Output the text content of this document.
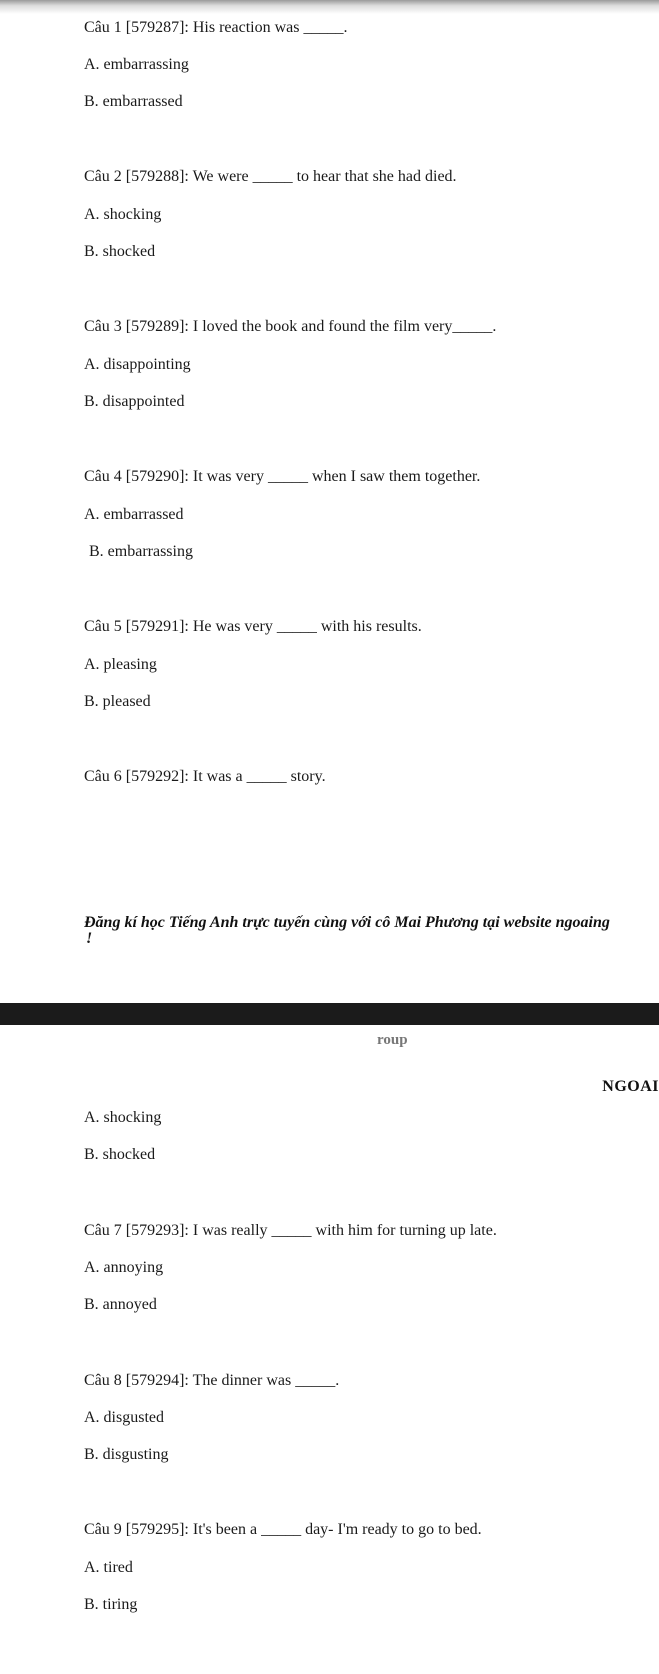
Câu 1 [579287]: His reaction was _____.
A. embarrassing
B. embarrassed
Câu 2 [579288]: We were _____ to hear that she had died.
A. shocking
B. shocked
Câu 3 [579289]: I loved the book and found the film very_____.
A. disappointing
B. disappointed
Câu 4 [579290]: It was very _____ when I saw them together.
A. embarrassed
B. embarrassing
Câu 5 [579291]: He was very _____ with his results.
A. pleasing
B. pleased
Câu 6 [579292]: It was a _____ story.
Đăng kí học Tiếng Anh trực tuyến cùng với cô Mai Phương tại website ngoaing
!
roup
NGOAI
A. shocking
B. shocked
Câu 7 [579293]: I was really _____ with him for turning up late.
A. annoying
B. annoyed
Câu 8 [579294]: The dinner was _____.
A. disgusted
B. disgusting
Câu 9 [579295]: It's been a _____ day- I'm ready to go to bed.
A. tired
B. tiring
